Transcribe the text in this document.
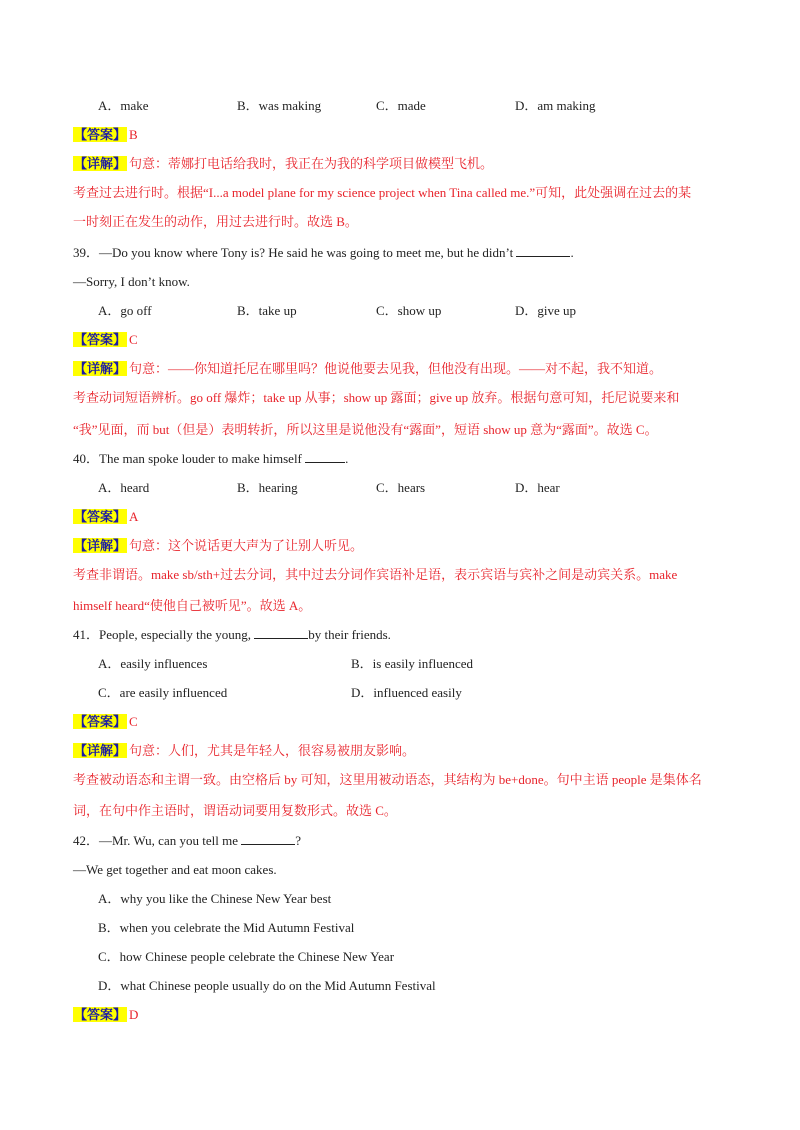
A．make	B．was making	C．made	D．am making
【答案】 B
【详解】 句意：蒂娜打电话给我时，我正在为我的科学项目做模型飞机。
考查过去进行时。根据“I...a model plane for my science project when Tina called me.”可知，此处强调在过去的某
一时刻正在发生的动作，用过去进行时。故选 B。
39．—Do you know where Tony is? He said he was going to meet me, but he didn’t	.
—Sorry, I don’t know.
A．go off	B．take up	C．show up	D．give up
【答案】 C
【详解】 句意：——你知道托尼在哪里吗？他说他要去见我，但他没有出现。——对不起，我不知道。
考查动词短语辨析。go off 爆炸；take up 从事；show up 露面；give up 放弃。根据句意可知，托尼说要来和
“我”见面，而 but（但是）表明转折，所以这里是说他没有“露面”，短语 show up 意为“露面”。故选 C。
40．The man spoke louder to make himself	.
A．heard	B．hearing	C．hears	D．hear
【答案】 A
【详解】 句意：这个说话更大声为了让别人听见。
考查非谓语。make sb/sth+过去分词，其中过去分词作宾语补足语，表示宾语与宾补之间是动宾关系。make
himself heard“使他自己被听见”。故选 A。
41．People, especially the young,	by their friends.
A．easily influences	B．is easily influenced
C．are easily influenced	D．influenced easily
【答案】 C
【详解】 句意：人们，尤其是年轻人，很容易被朋友影响。
考查被动语态和主谓一致。由空格后 by 可知，这里用被动语态，其结构为 be+done。句中主语 people 是集体名
词，在句中作主语时，谓语动词要用复数形式。故选 C。
42．—Mr. Wu, can you tell me	?
—We get together and eat moon cakes.
A．why you like the Chinese New Year best
B．when you celebrate the Mid Autumn Festival
C．how Chinese people celebrate the Chinese New Year
D．what Chinese people usually do on the Mid Autumn Festival
【答案】 D
